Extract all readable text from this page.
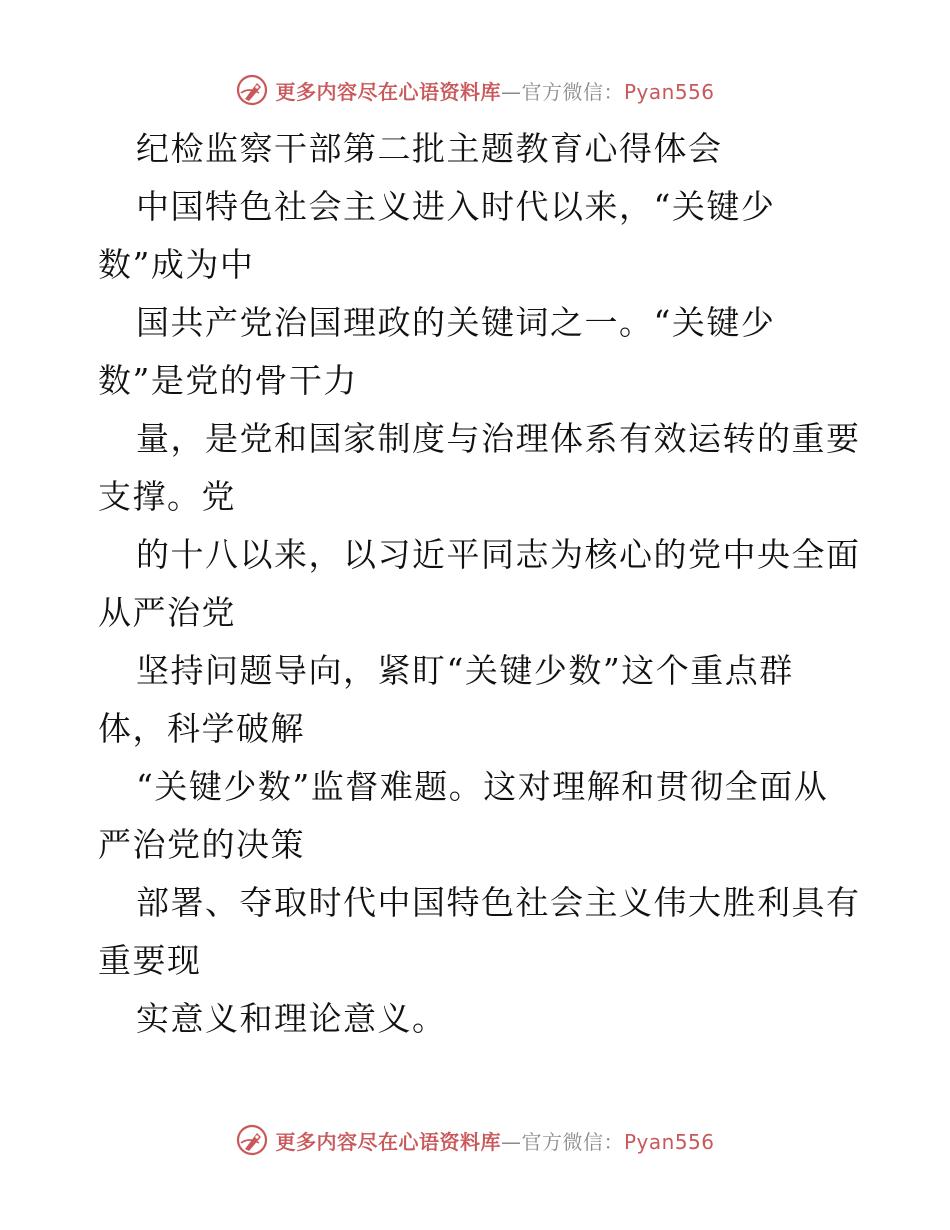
更多内容尽在心语资料库—官方微信：Pyan556

纪检监察干部第二批主题教育心得体会

中国特色社会主义进入时代以来，“关键少
数”成为中

国共产党治国理政的关键词之一。“关键少
数”是党的骨干力

量，是党和国家制度与治理体系有效运转的重要
支撑。党

的十八以来，以习近平同志为核心的党中央全面
从严治党

坚持问题导向，紧盯“关键少数”这个重点群
体，科学破解

“关键少数”监督难题。这对理解和贯彻全面从
严治党的决策

部署、夺取时代中国特色社会主义伟大胜利具有
重要现

实意义和理论意义。

更多内容尽在心语资料库—官方微信：Pyan556
